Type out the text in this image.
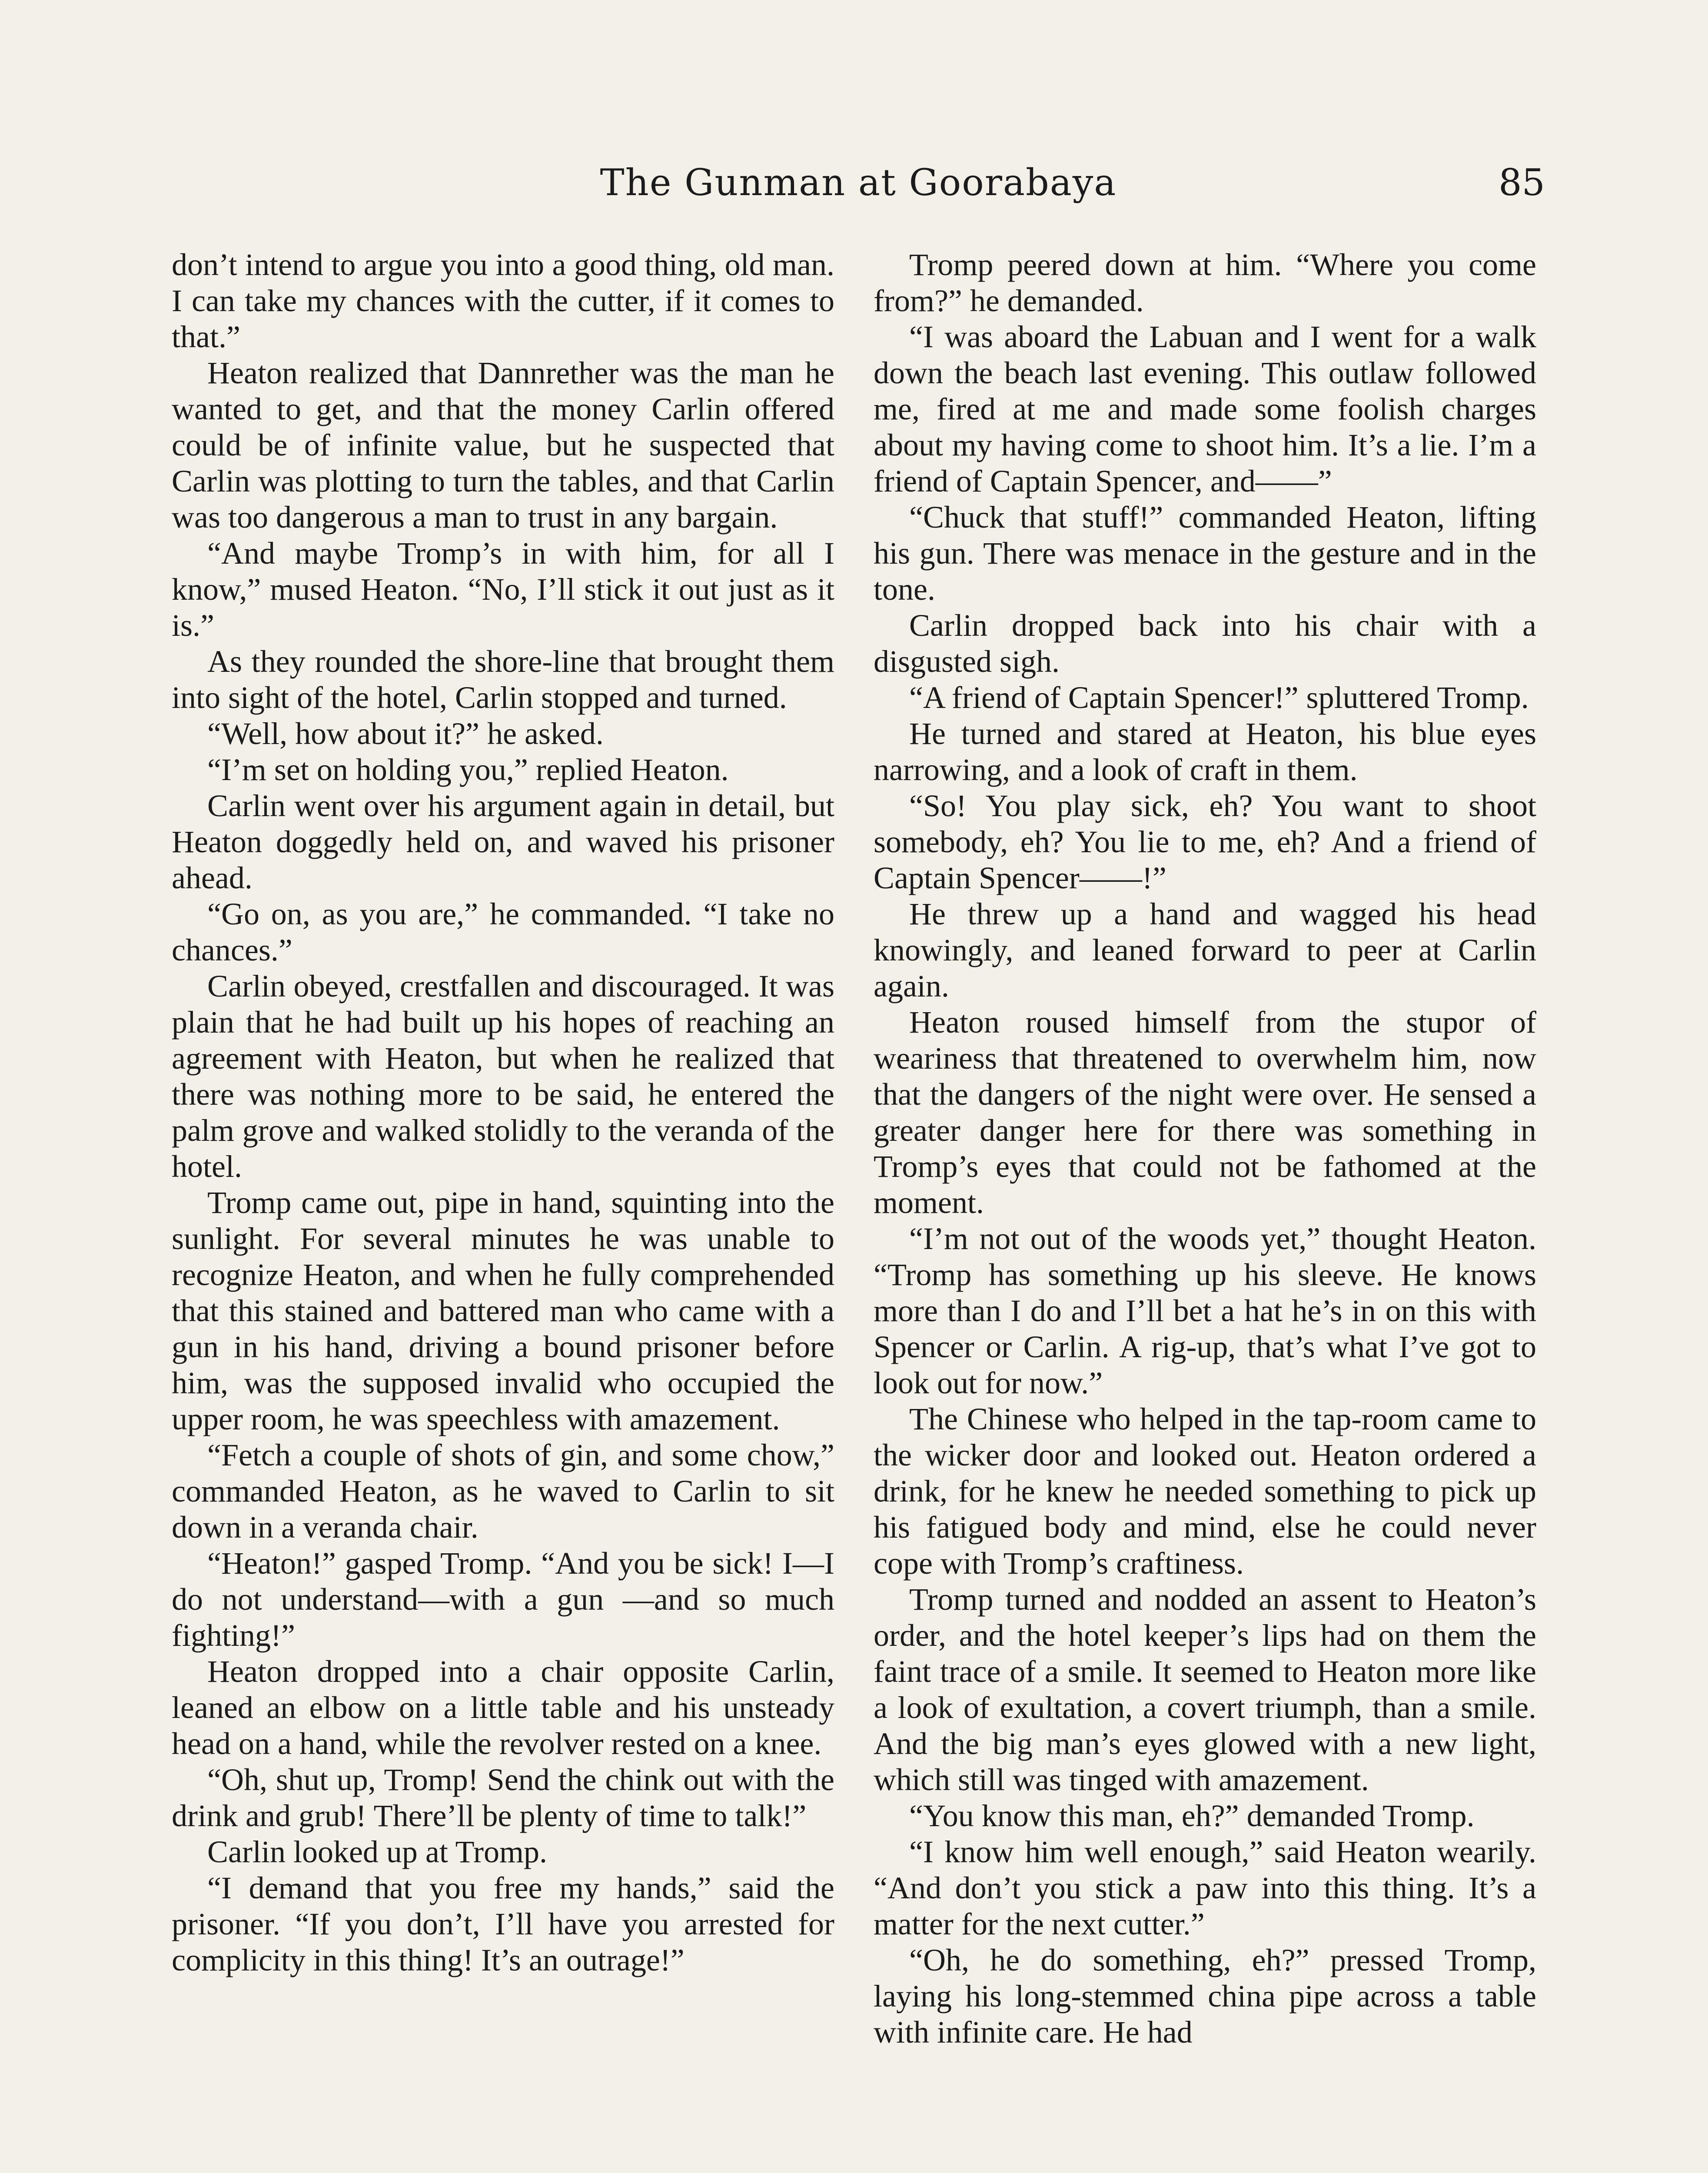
The Gunman at Goorabaya	85

don’t intend to argue you into a good thing, old man. I can take my chances with the cutter, if it comes to that.”

Heaton realized that Dannrether was the man he wanted to get, and that the money Carlin offered could be of infinite value, but he suspected that Carlin was plotting to turn the tables, and that Carlin was too dangerous a man to trust in any bargain.

“And maybe Tromp’s in with him, for all I know,” mused Heaton. “No, I’ll stick it out just as it is.”

As they rounded the shore-line that brought them into sight of the hotel, Carlin stopped and turned.

“Well, how about it?” he asked.

“I’m set on holding you,” replied Heaton.

Carlin went over his argument again in detail, but Heaton doggedly held on, and waved his prisoner ahead.

“Go on, as you are,” he commanded. “I take no chances.”

Carlin obeyed, crestfallen and discouraged. It was plain that he had built up his hopes of reaching an agreement with Heaton, but when he realized that there was nothing more to be said, he entered the palm grove and walked stolidly to the veranda of the hotel.

Tromp came out, pipe in hand, squinting into the sunlight. For several minutes he was unable to recognize Heaton, and when he fully comprehended that this stained and battered man who came with a gun in his hand, driving a bound prisoner before him, was the supposed invalid who occupied the upper room, he was speechless with amazement.

“Fetch a couple of shots of gin, and some chow,” commanded Heaton, as he waved to Carlin to sit down in a veranda chair.

“Heaton!” gasped Tromp. “And you be sick! I—I do not understand—with a gun —and so much fighting!”

Heaton dropped into a chair opposite Carlin, leaned an elbow on a little table and his unsteady head on a hand, while the revolver rested on a knee.

“Oh, shut up, Tromp! Send the chink out with the drink and grub! There’ll be plenty of time to talk!”

Carlin looked up at Tromp.

“I demand that you free my hands,” said the prisoner. “If you don’t, I’ll have you arrested for complicity in this thing! It’s an outrage!”

Tromp peered down at him. “Where you come from?” he demanded.

“I was aboard the Labuan and I went for a walk down the beach last evening. This outlaw followed me, fired at me and made some foolish charges about my having come to shoot him. It’s a lie. I’m a friend of Captain Spencer, and——”

“Chuck that stuff!” commanded Heaton, lifting his gun. There was menace in the gesture and in the tone.

Carlin dropped back into his chair with a disgusted sigh.

“A friend of Captain Spencer!” spluttered Tromp.

He turned and stared at Heaton, his blue eyes narrowing, and a look of craft in them.

“So! You play sick, eh? You want to shoot somebody, eh? You lie to me, eh? And a friend of Captain Spencer——!”

He threw up a hand and wagged his head knowingly, and leaned forward to peer at Carlin again.

Heaton roused himself from the stupor of weariness that threatened to overwhelm him, now that the dangers of the night were over. He sensed a greater danger here for there was something in Tromp’s eyes that could not be fathomed at the moment.

“I’m not out of the woods yet,” thought Heaton. “Tromp has something up his sleeve. He knows more than I do and I’ll bet a hat he’s in on this with Spencer or Carlin. A rig-up, that’s what I’ve got to look out for now.”

The Chinese who helped in the tap-room came to the wicker door and looked out. Heaton ordered a drink, for he knew he needed something to pick up his fatigued body and mind, else he could never cope with Tromp’s craftiness.

Tromp turned and nodded an assent to Heaton’s order, and the hotel keeper’s lips had on them the faint trace of a smile. It seemed to Heaton more like a look of exultation, a covert triumph, than a smile. And the big man’s eyes glowed with a new light, which still was tinged with amazement.

“You know this man, eh?” demanded Tromp.

“I know him well enough,” said Heaton wearily. “And don’t you stick a paw into this thing. It’s a matter for the next cutter.”

“Oh, he do something, eh?” pressed Tromp, laying his long-stemmed china pipe across a table with infinite care. He had
